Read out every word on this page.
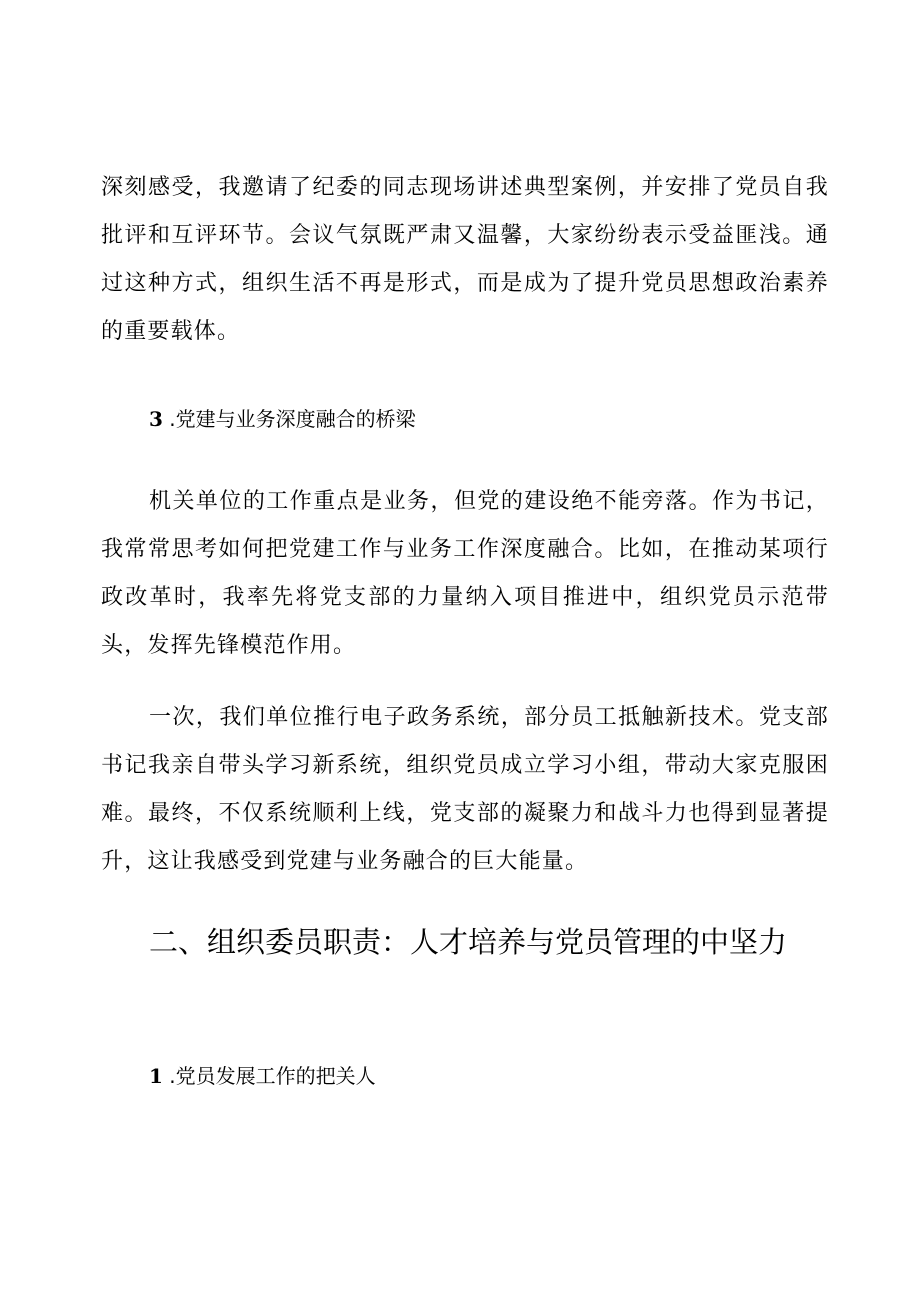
深刻感受，我邀请了纪委的同志现场讲述典型案例，并安排了党员自我批评和互评环节。会议气氛既严肃又温馨，大家纷纷表示受益匪浅。通过这种方式，组织生活不再是形式，而是成为了提升党员思想政治素养的重要载体。

3 .党建与业务深度融合的桥梁

机关单位的工作重点是业务，但党的建设绝不能旁落。作为书记，我常常思考如何把党建工作与业务工作深度融合。比如，在推动某项行政改革时，我率先将党支部的力量纳入项目推进中，组织党员示范带头，发挥先锋模范作用。

一次，我们单位推行电子政务系统，部分员工抵触新技术。党支部书记我亲自带头学习新系统，组织党员成立学习小组，带动大家克服困难。最终，不仅系统顺利上线，党支部的凝聚力和战斗力也得到显著提升，这让我感受到党建与业务融合的巨大能量。

二、组织委员职责：人才培养与党员管理的中坚力
1 .党员发展工作的把关人
